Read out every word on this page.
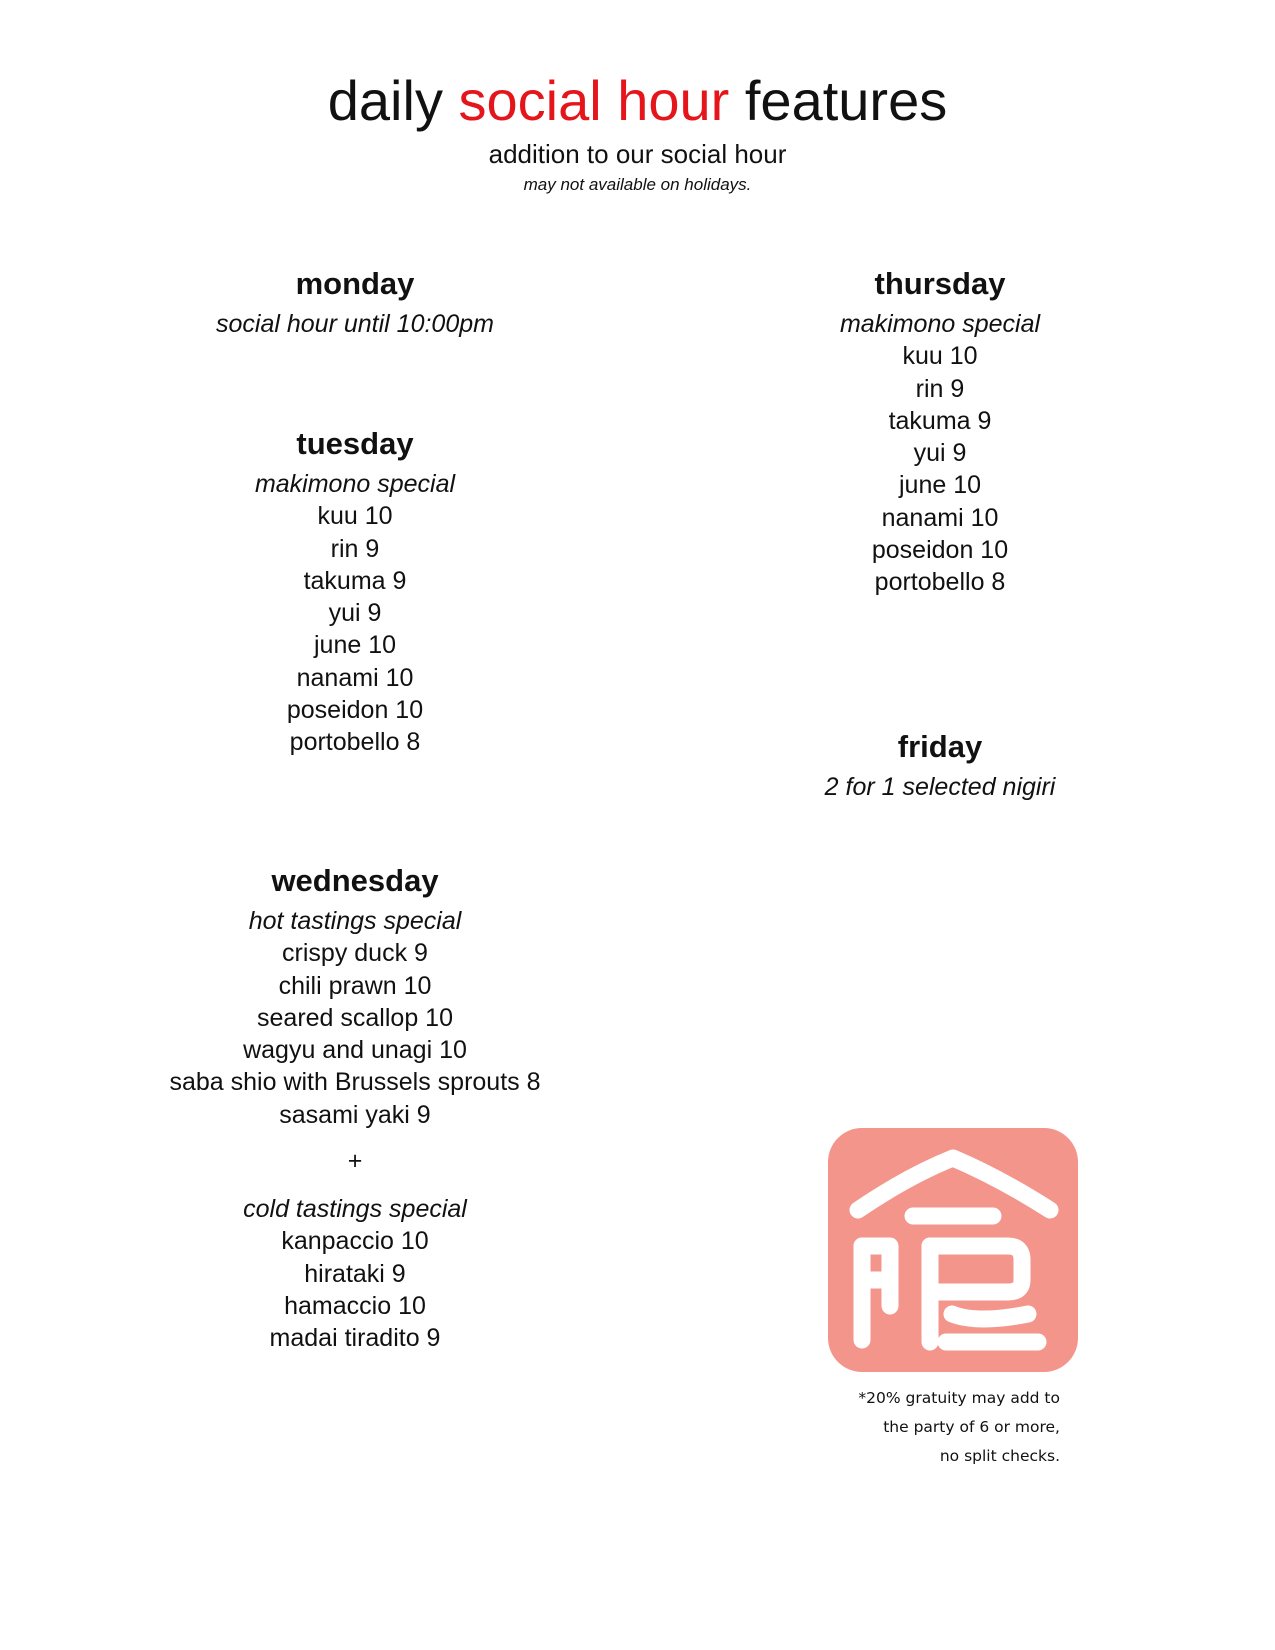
daily social hour features
addition to our social hour
may not available on holidays.
monday
social hour until 10:00pm
tuesday
makimono special
kuu 10
rin 9
takuma 9
yui 9
june 10
nanami 10
poseidon 10
portobello 8
wednesday
hot tastings special
crispy duck 9
chili prawn 10
seared scallop 10
wagyu and unagi 10
saba shio with Brussels sprouts 8
sasami yaki 9
+
cold tastings special
kanpaccio 10
hirataki 9
hamaccio 10
madai tiradito 9
thursday
makimono special
kuu 10
rin 9
takuma 9
yui 9
june 10
nanami 10
poseidon 10
portobello 8
friday
2 for 1 selected nigiri
*20% gratuity may add to
the party of 6 or more,
no split checks.
